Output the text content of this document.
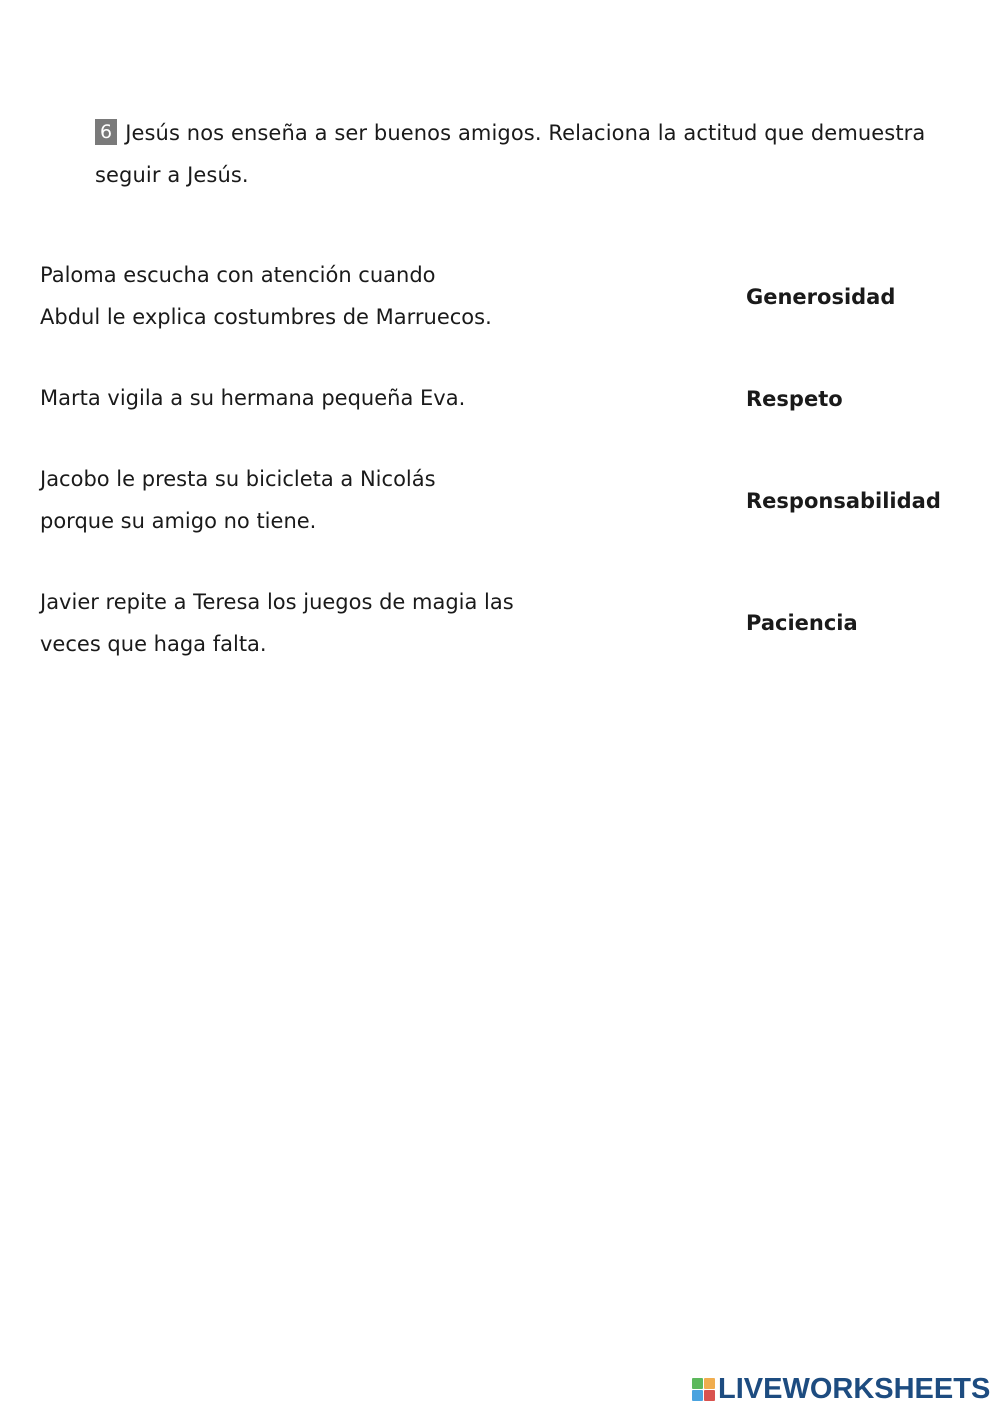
6 Jesús nos enseña a ser buenos amigos. Relaciona la actitud que demuestra seguir a Jesús.
Paloma escucha con atención cuando
Abdul le explica costumbres de Marruecos.
Marta vigila a su hermana pequeña Eva.
Jacobo le presta su bicicleta a Nicolás
porque su amigo no tiene.
Javier repite a Teresa los juegos de magia las
veces que haga falta.
Generosidad
Respeto
Responsabilidad
Paciencia
LIVEWORKSHEETS
